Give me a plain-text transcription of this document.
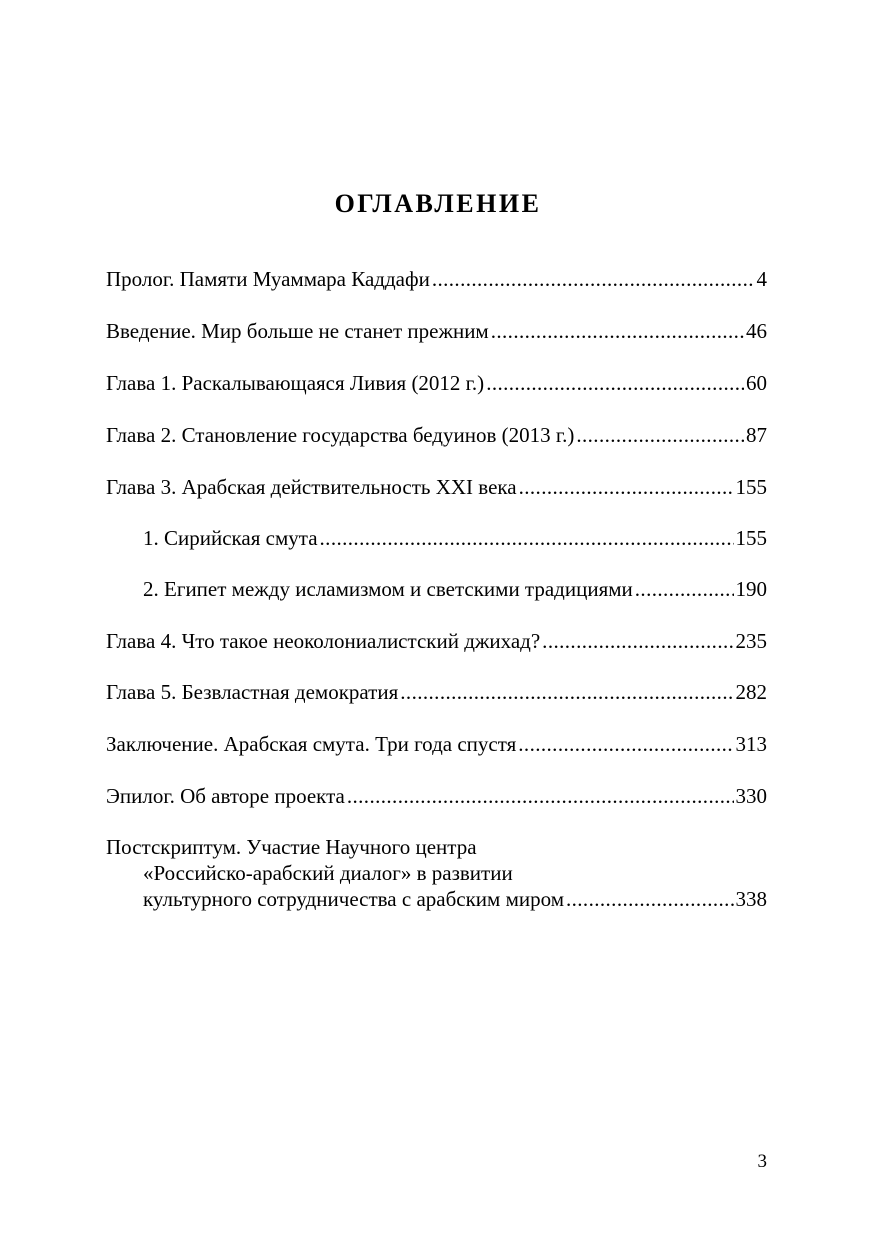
ОГЛАВЛЕНИЕ
Пролог. Памяти Муаммара Каддафи .....	4
Введение. Мир больше не станет прежним .....	46
Глава 1. Раскалывающаяся Ливия (2012 г.) .....	60
Глава 2. Становление государства бедуинов (2013 г.) .....	87
Глава 3. Арабская действительность XXI века .....	155
1. Сирийская смута .....	155
2. Египет между исламизмом и светскими традициями .....	190
Глава 4. Что такое неоколониалистский джихад? .....	235
Глава 5. Безвластная демократия .....	282
Заключение. Арабская смута. Три года спустя .....	313
Эпилог. Об авторе проекта .....	330
Постскриптум. Участие Научного центра
«Российско-арабский диалог» в развитии
культурного сотрудничества с арабским миром .....	338
3
